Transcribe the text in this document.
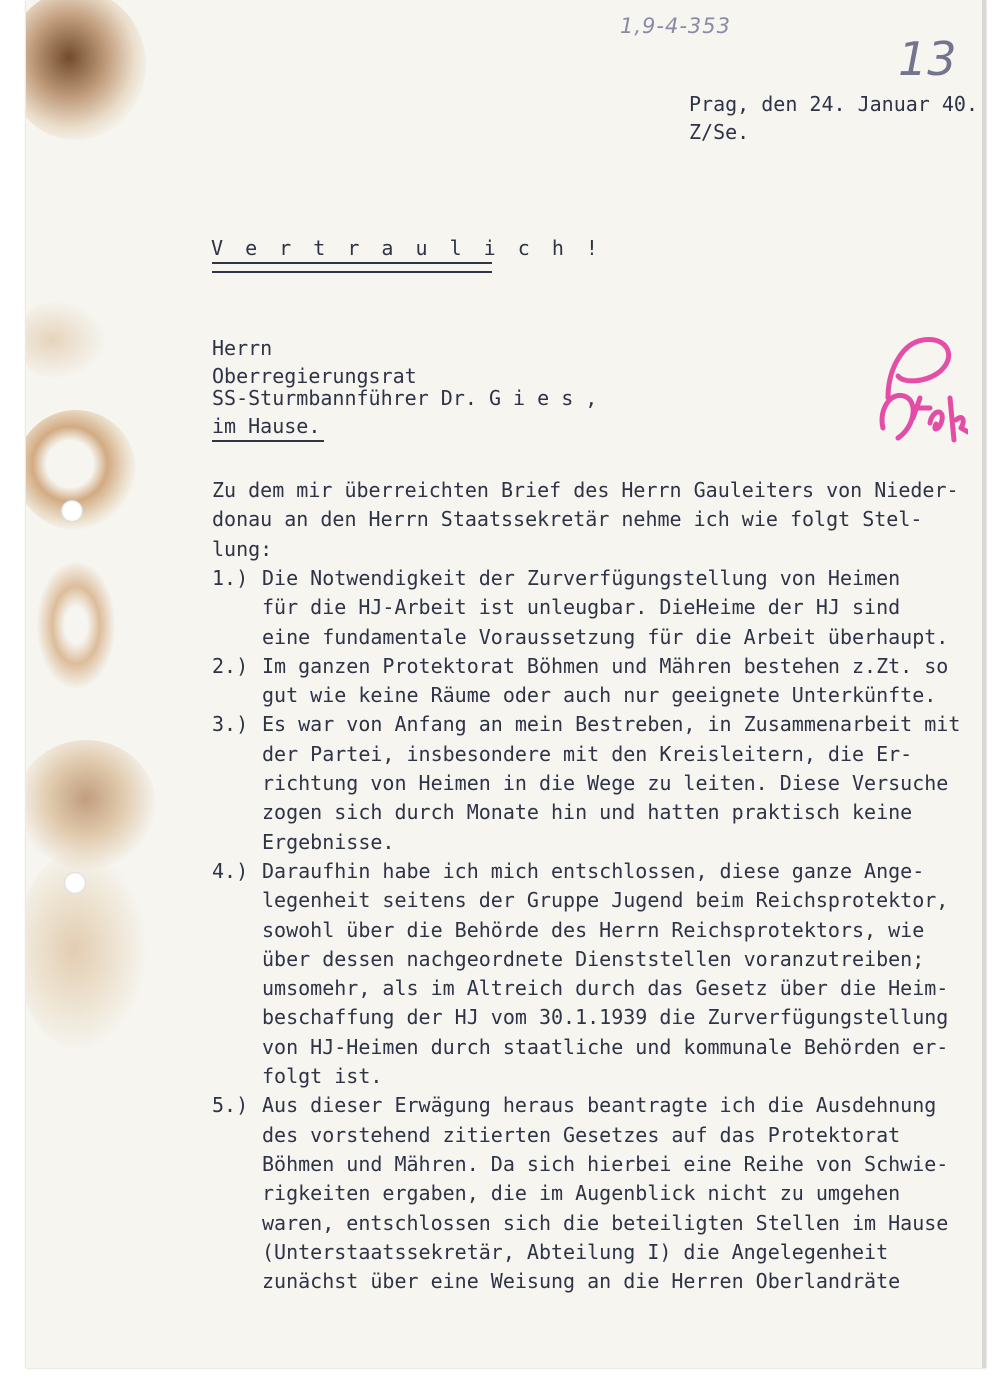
1,9-4-353
13
Prag, den 24. Januar 40.
Z/Se.
V e r t r a u l i c h !
Herrn
Oberregierungsrat
SS-Sturmbannführer Dr. G i e s ,
im Hause.
Zu dem mir überreichten Brief des Herrn Gauleiters von Nieder-
donau an den Herrn Staatssekretär nehme ich wie folgt Stel-
lung:
1.) Die Notwendigkeit der Zurverfügungstellung von Heimen
für die HJ-Arbeit ist unleugbar. DieHeime der HJ sind
eine fundamentale Voraussetzung für die Arbeit überhaupt.
2.) Im ganzen Protektorat Böhmen und Mähren bestehen z.Zt. so
gut wie keine Räume oder auch nur geeignete Unterkünfte.
3.) Es war von Anfang an mein Bestreben, in Zusammenarbeit mit
der Partei, insbesondere mit den Kreisleitern, die Er-
richtung von Heimen in die Wege zu leiten. Diese Versuche
zogen sich durch Monate hin und hatten praktisch keine
Ergebnisse.
4.) Daraufhin habe ich mich entschlossen, diese ganze Ange-
legenheit seitens der Gruppe Jugend beim Reichsprotektor,
sowohl über die Behörde des Herrn Reichsprotektors, wie
über dessen nachgeordnete Dienststellen voranzutreiben;
umsomehr, als im Altreich durch das Gesetz über die Heim-
beschaffung der HJ vom 30.1.1939 die Zurverfügungstellung
von HJ-Heimen durch staatliche und kommunale Behörden er-
folgt ist.
5.) Aus dieser Erwägung heraus beantragte ich die Ausdehnung
des vorstehend zitierten Gesetzes auf das Protektorat
Böhmen und Mähren. Da sich hierbei eine Reihe von Schwie-
rigkeiten ergaben, die im Augenblick nicht zu umgehen
waren, entschlossen sich die beteiligten Stellen im Hause
(Unterstaatssekretär, Abteilung I) die Angelegenheit
zunächst über eine Weisung an die Herren Oberlandräte
